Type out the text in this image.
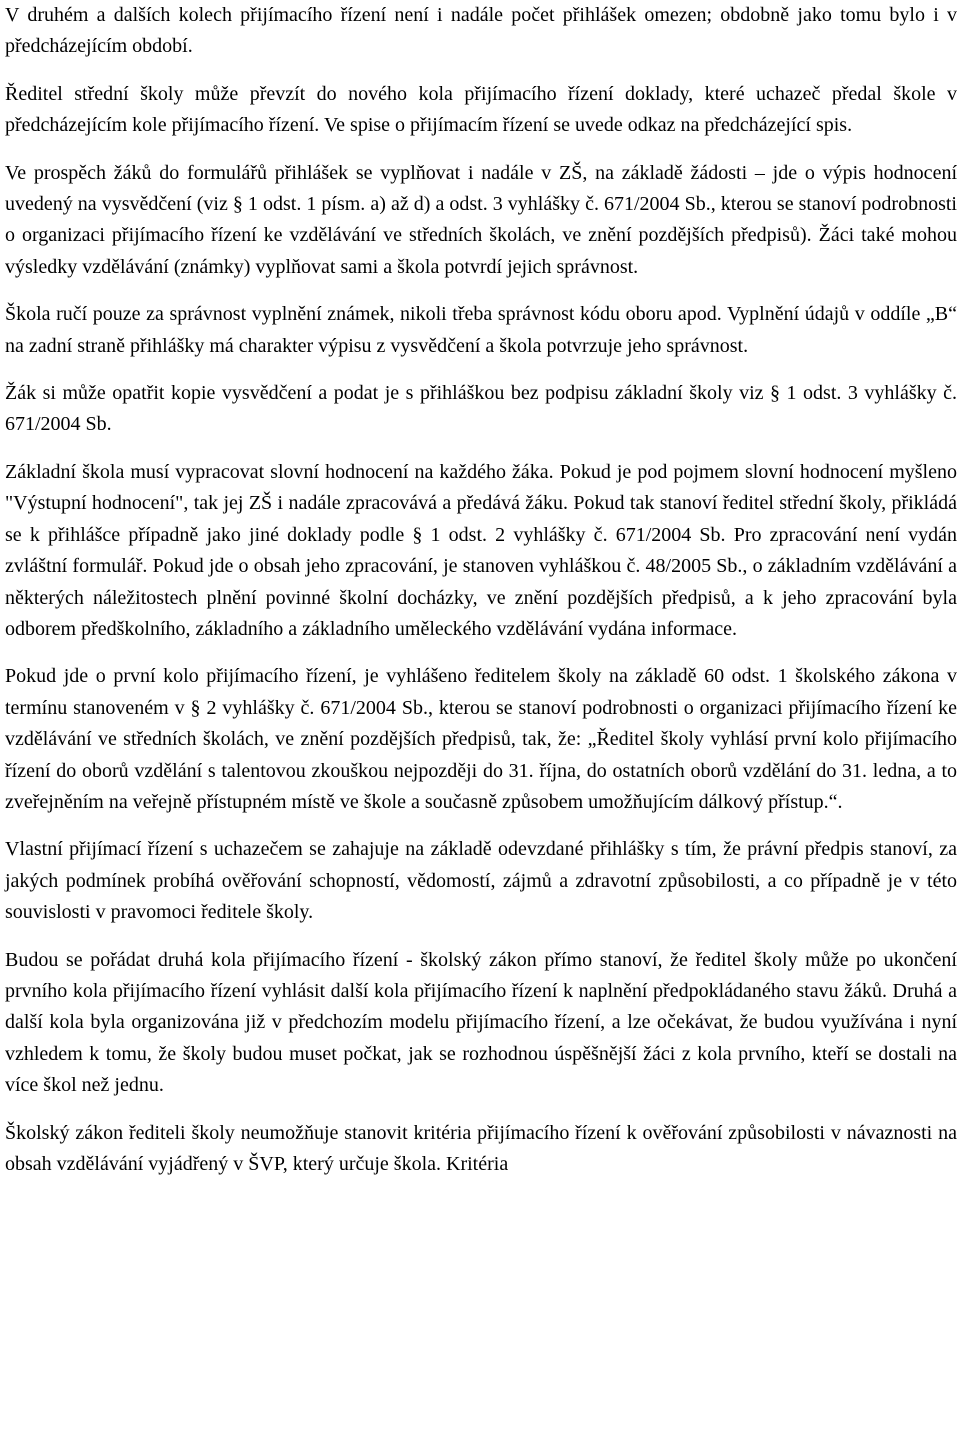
V druhém a dalších kolech přijímacího řízení není i nadále počet přihlášek omezen; obdobně jako tomu bylo i v předcházejícím období.

Ředitel střední školy může převzít do nového kola přijímacího řízení doklady, které uchazeč předal škole v předcházejícím kole přijímacího řízení. Ve spise o přijímacím řízení se uvede odkaz na předcházející spis.

Ve prospěch žáků do formulářů přihlášek se vyplňovat i nadále v ZŠ, na základě žádosti – jde o výpis hodnocení uvedený na vysvědčení (viz § 1 odst. 1 písm. a) až d) a odst. 3 vyhlášky č. 671/2004 Sb., kterou se stanoví podrobnosti o organizaci přijímacího řízení ke vzdělávání ve středních školách, ve znění pozdějších předpisů). Žáci také mohou výsledky vzdělávání (známky) vyplňovat sami a škola potvrdí jejich správnost.

Škola ručí pouze za správnost vyplnění známek, nikoli třeba správnost kódu oboru apod. Vyplnění údajů v oddíle „B“ na zadní straně přihlášky má charakter výpisu z vysvědčení a škola potvrzuje jeho správnost.

Žák si může opatřit kopie vysvědčení a podat je s přihláškou bez podpisu základní školy viz § 1 odst. 3 vyhlášky č. 671/2004 Sb.

Základní škola musí vypracovat slovní hodnocení na každého žáka. Pokud je pod pojmem slovní hodnocení myšleno "Výstupní hodnocení", tak jej ZŠ i nadále zpracovává a předává žáku. Pokud tak stanoví ředitel střední školy, přikládá se k přihlášce případně jako jiné doklady podle § 1 odst. 2 vyhlášky č. 671/2004 Sb. Pro zpracování není vydán zvláštní formulář. Pokud jde o obsah jeho zpracování, je stanoven vyhláškou č. 48/2005 Sb., o základním vzdělávání a některých náležitostech plnění povinné školní docházky, ve znění pozdějších předpisů, a k jeho zpracování byla odborem předškolního, základního a základního uměleckého vzdělávání vydána informace.

Pokud jde o první kolo přijímacího řízení, je vyhlášeno ředitelem školy na základě 60 odst. 1 školského zákona v termínu stanoveném v § 2 vyhlášky č. 671/2004 Sb., kterou se stanoví podrobnosti o organizaci přijímacího řízení ke vzdělávání ve středních školách, ve znění pozdějších předpisů, tak, že: „Ředitel školy vyhlásí první kolo přijímacího řízení do oborů vzdělání s talentovou zkouškou nejpozději do 31. října, do ostatních oborů vzdělání do 31. ledna, a to zveřejněním na veřejně přístupném místě ve škole a současně způsobem umožňujícím dálkový přístup.“.

Vlastní přijímací řízení s uchazečem se zahajuje na základě odevzdané přihlášky s tím, že právní předpis stanoví, za jakých podmínek probíhá ověřování schopností, vědomostí, zájmů a zdravotní způsobilosti, a co případně je v této souvislosti v pravomoci ředitele školy.

Budou se pořádat druhá kola přijímacího řízení - školský zákon přímo stanoví, že ředitel školy může po ukončení prvního kola přijímacího řízení vyhlásit další kola přijímacího řízení k naplnění předpokládaného stavu žáků. Druhá a další kola byla organizována již v předchozím modelu přijímacího řízení, a lze očekávat, že budou využívána i nyní vzhledem k tomu, že školy budou muset počkat, jak se rozhodnou úspěšnější žáci z kola prvního, kteří se dostali na více škol než jednu.

Školský zákon řediteli školy neumožňuje stanovit kritéria přijímacího řízení k ověřování způsobilosti v návaznosti na obsah vzdělávání vyjádřený v ŠVP, který určuje škola. Kritéria
